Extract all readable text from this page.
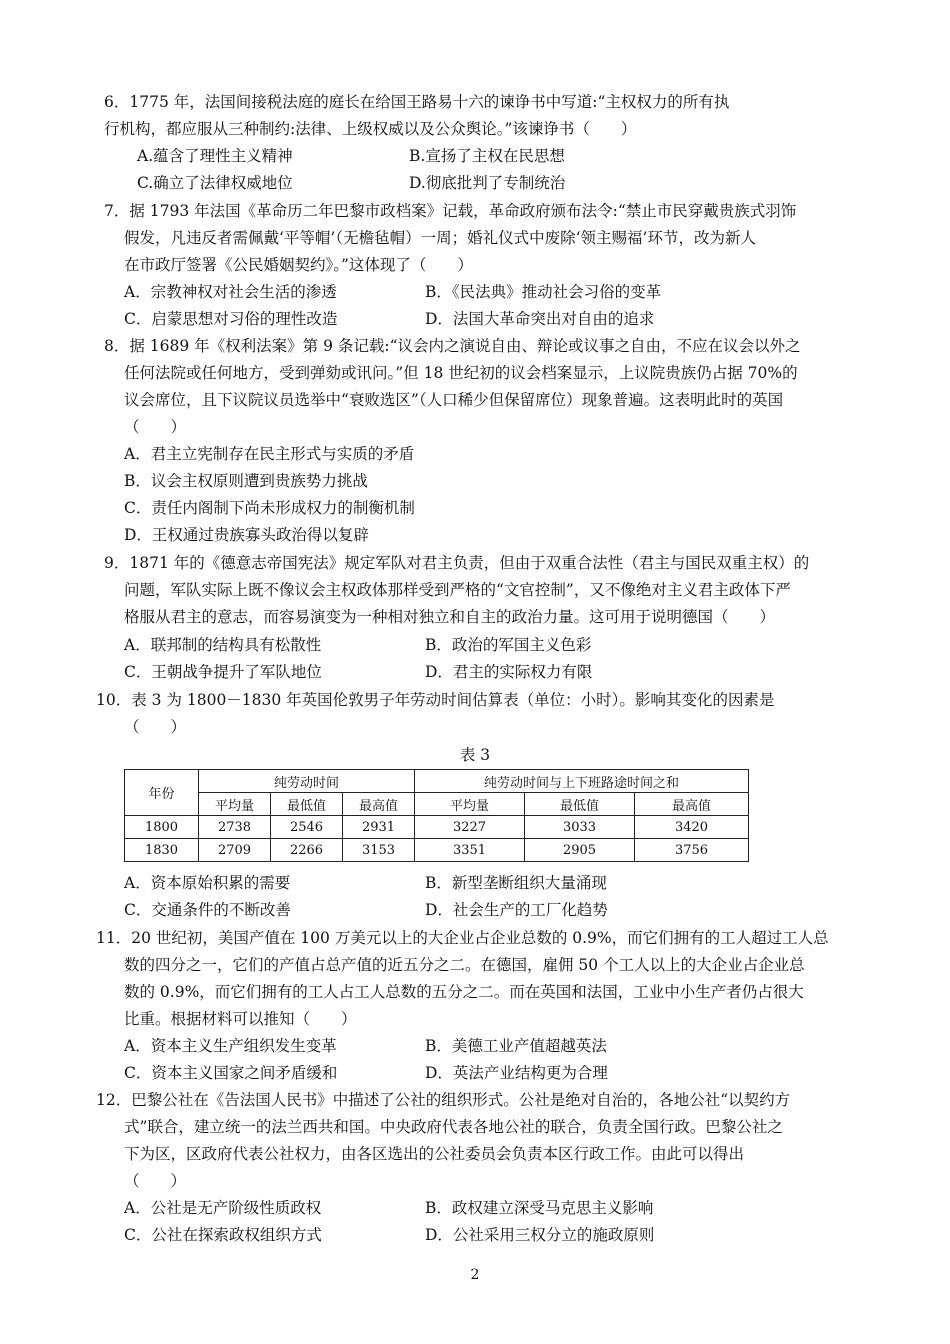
6．1775 年，法国间接税法庭的庭长在给国王路易十六的谏诤书中写道:“主权权力的所有执
行机构，都应服从三种制约:法律、上级权威以及公众舆论。”该谏诤书（　　）
A.蕴含了理性主义精神	B.宣扬了主权在民思想
C.确立了法律权威地位	D.彻底批判了专制统治
7．据 1793 年法国《革命历二年巴黎市政档案》记载，革命政府颁布法令:“禁止市民穿戴贵族式羽饰
假发，凡违反者需佩戴‘平等帽’（无檐毡帽）一周；婚礼仪式中废除‘领主赐福’环节，改为新人
在市政厅签署《公民婚姻契约》。”这体现了（　　）
A．宗教神权对社会生活的渗透	B．《民法典》推动社会习俗的变革
C．启蒙思想对习俗的理性改造	D．法国大革命突出对自由的追求
8．据 1689 年《权利法案》第 9 条记载:“议会内之演说自由、辩论或议事之自由，不应在议会以外之
任何法院或任何地方，受到弹劾或讯问。”但 18 世纪初的议会档案显示，上议院贵族仍占据 70%的
议会席位，且下议院议员选举中“衰败选区”（人口稀少但保留席位）现象普遍。这表明此时的英国
（　　）
A．君主立宪制存在民主形式与实质的矛盾
B．议会主权原则遭到贵族势力挑战
C．责任内阁制下尚未形成权力的制衡机制
D．王权通过贵族寡头政治得以复辟
9．1871 年的《德意志帝国宪法》规定军队对君主负责，但由于双重合法性（君主与国民双重主权）的
问题，军队实际上既不像议会主权政体那样受到严格的“文官控制”，又不像绝对主义君主政体下严
格服从君主的意志，而容易演变为一种相对独立和自主的政治力量。这可用于说明德国（　　）
A．联邦制的结构具有松散性	B．政治的军国主义色彩
C．王朝战争提升了军队地位	D．君主的实际权力有限
10．表 3 为 1800－1830 年英国伦敦男子年劳动时间估算表（单位：小时）。影响其变化的因素是
（　　）
表 3
年份	纯劳动时间			纯劳动时间与上下班路途时间之和		
	平均量	最低值	最高值	平均量	最低值	最高值
1800	2738	2546	2931	3227	3033	3420
1830	2709	2266	3153	3351	2905	3756
A．资本原始积累的需要	B．新型垄断组织大量涌现
C．交通条件的不断改善	D．社会生产的工厂化趋势
11．20 世纪初，美国产值在 100 万美元以上的大企业占企业总数的 0.9%，而它们拥有的工人超过工人总
数的四分之一，它们的产值占总产值的近五分之二。在德国，雇佣 50 个工人以上的大企业占企业总
数的 0.9%，而它们拥有的工人占工人总数的五分之二。而在英国和法国，工业中小生产者仍占很大
比重。根据材料可以推知（　　）
A．资本主义生产组织发生变革	B．美德工业产值超越英法
C．资本主义国家之间矛盾缓和	D．英法产业结构更为合理
12．巴黎公社在《告法国人民书》中描述了公社的组织形式。公社是绝对自治的，各地公社“以契约方
式”联合，建立统一的法兰西共和国。中央政府代表各地公社的联合，负责全国行政。巴黎公社之
下为区，区政府代表公社权力，由各区选出的公社委员会负责本区行政工作。由此可以得出
（　　）
A．公社是无产阶级性质政权	B．政权建立深受马克思主义影响
C．公社在探索政权组织方式	D．公社采用三权分立的施政原则
2
